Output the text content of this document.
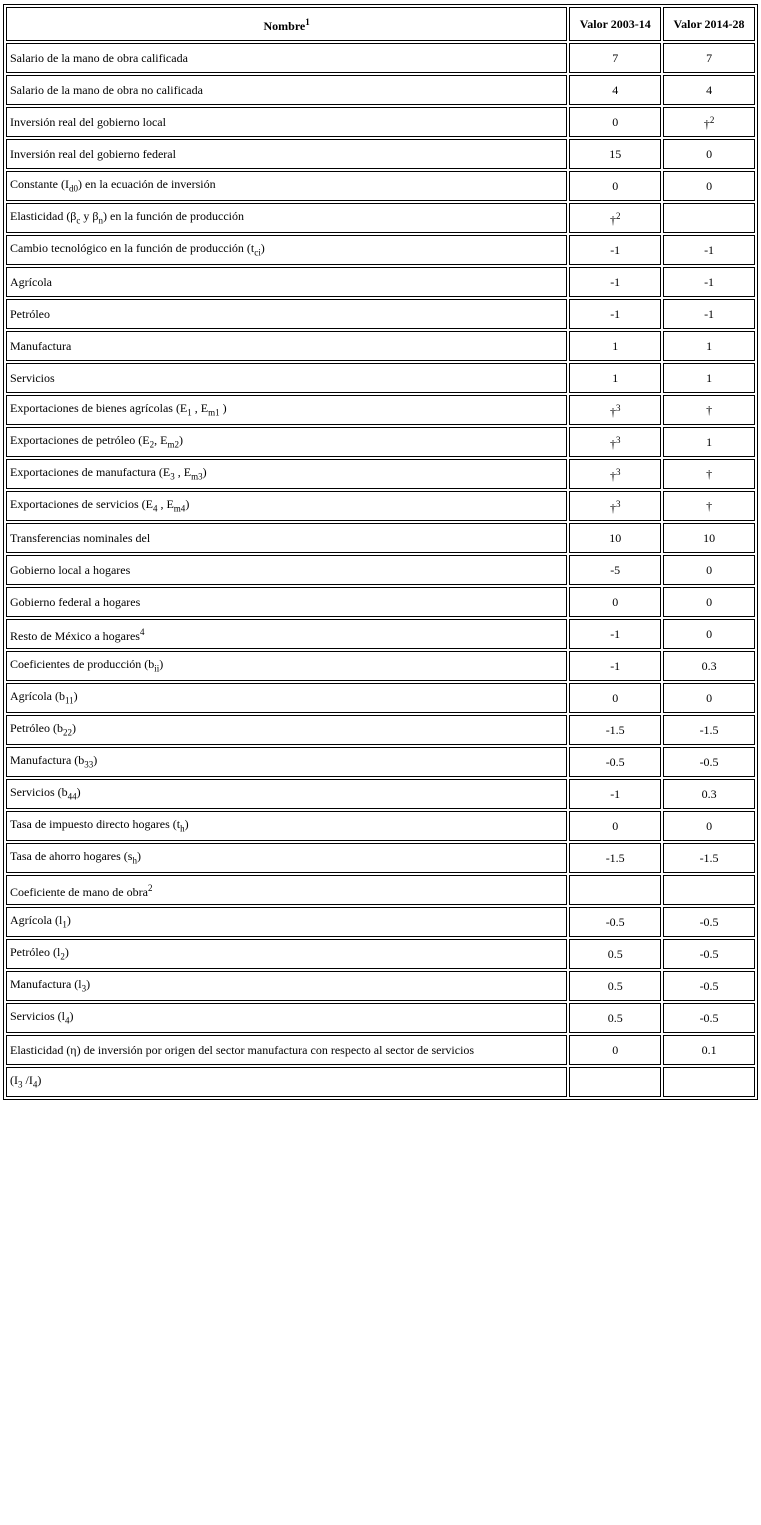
Nombre$^1$	Valor 2003-14	Valor 2014-28
Salario de la mano de obra calificada	7	7
Salario de la mano de obra no calificada	4	4
Inversión real del gobierno local	0	†$^2$
Inversión real del gobierno federal	15	0
Constante $(I_{d0})$ en la ecuación de inversión	0	0
Elasticidad ($\beta_c$ y $\beta_n$) en la función de producción	†$^2$	
Cambio tecnológico en la función de producción $(t_{ci})$	-1	-1
Agrícola	-1	-1
Petróleo	-1	-1
Manufactura	1	1
Servicios	1	1
Exportaciones de bienes agrícolas ($E_1$ , $E_{m1}$ )	†$^3$	†
Exportaciones de petróleo ($E_2$, $E_{m2}$)	†$^3$	1
Exportaciones de manufactura ($E_3$ , $E_{m3}$)	†$^3$	†
Exportaciones de servicios ($E_4$ , $E_{m4}$)	†$^3$	†
Transferencias nominales del	10	10
Gobierno local a hogares	-5	0
Gobierno federal a hogares	0	0
Resto de México a hogares$^4$	-1	0
Coeficientes de producción $(b_{ii})$	-1	0.3
Agrícola $(b_{11})$	0	0
Petróleo $(b_{22})$	-1.5	-1.5
Manufactura $(b_{33})$	-0.5	-0.5
Servicios $(b_{44})$	-1	0.3
Tasa de impuesto directo hogares $(t_h)$	0	0
Tasa de ahorro hogares $(s_h)$	-1.5	-1.5
Coeficiente de mano de obra$^2$		
Agrícola $(l_1)$	-0.5	-0.5
Petróleo $(l_2)$	0.5	-0.5
Manufactura $(l_3)$	0.5	-0.5
Servicios $(l_4)$	0.5	-0.5
Elasticidad (η) de inversión por origen del sector manufactura con respecto al sector de servicios	0	0.1
($I_3$ $/I_4$)		
